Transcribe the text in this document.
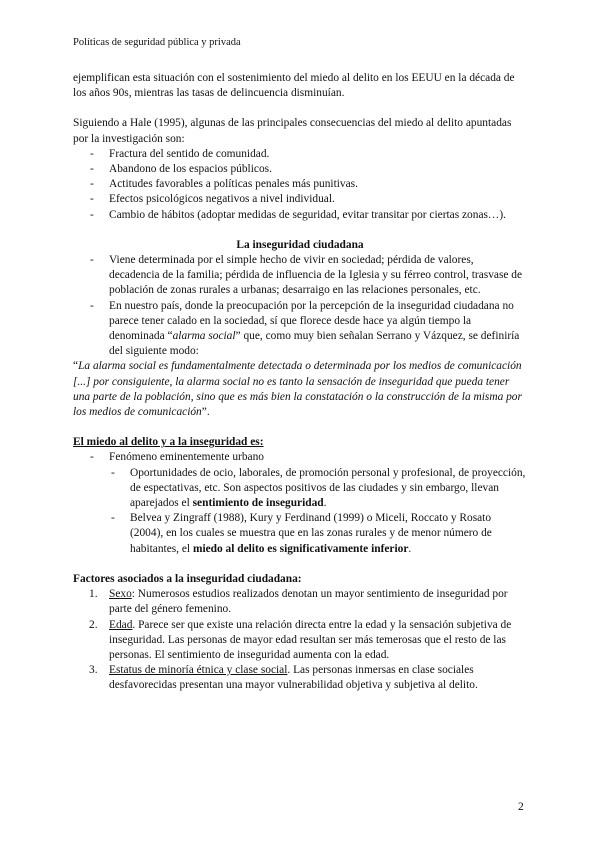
Políticas de seguridad pública y privada

ejemplifican esta situación con el sostenimiento del miedo al delito en los EEUU en la década de los años 90s, mientras las tasas de delincuencia disminuían.

Siguiendo a Hale (1995), algunas de las principales consecuencias del miedo al delito apuntadas por la investigación son:

- Fractura del sentido de comunidad.
- Abandono de los espacios públicos.
- Actitudes favorables a políticas penales más punitivas.
- Efectos psicológicos negativos a nivel individual.
- Cambio de hábitos (adoptar medidas de seguridad, evitar transitar por ciertas zonas…).

La inseguridad ciudadana

- Viene determinada por el simple hecho de vivir en sociedad; pérdida de valores, decadencia de la familia; pérdida de influencia de la Iglesia y su férreo control, trasvase de población de zonas rurales a urbanas; desarraigo en las relaciones personales, etc.
- En nuestro país, donde la preocupación por la percepción de la inseguridad ciudadana no parece tener calado en la sociedad, sí que florece desde hace ya algún tiempo la denominada “alarma social” que, como muy bien señalan Serrano y Vázquez, se definiría del siguiente modo:

“La alarma social es fundamentalmente detectada o determinada por los medios de comunicación [...] por consiguiente, la alarma social no es tanto la sensación de inseguridad que pueda tener una parte de la población, sino que es más bien la constatación o la construcción de la misma por los medios de comunicación”.

El miedo al delito y a la inseguridad es:

- Fenómeno eminentemente urbano
- Oportunidades de ocio, laborales, de promoción personal y profesional, de proyección, de espectativas, etc. Son aspectos positivos de las ciudades y sin embargo, llevan aparejados el sentimiento de inseguridad.
- Belvea y Zingraff (1988), Kury y Ferdinand (1999) o Miceli, Roccato y Rosato (2004), en los cuales se muestra que en las zonas rurales y de menor número de habitantes, el miedo al delito es significativamente inferior.

Factores asociados a la inseguridad ciudadana:

1. Sexo: Numerosos estudios realizados denotan un mayor sentimiento de inseguridad por parte del género femenino.
2. Edad. Parece ser que existe una relación directa entre la edad y la sensación subjetiva de inseguridad. Las personas de mayor edad resultan ser más temerosas que el resto de las personas. El sentimiento de inseguridad aumenta con la edad.
3. Estatus de minoría étnica y clase social. Las personas inmersas en clase sociales desfavorecidas presentan una mayor vulnerabilidad objetiva y subjetiva al delito.
2
